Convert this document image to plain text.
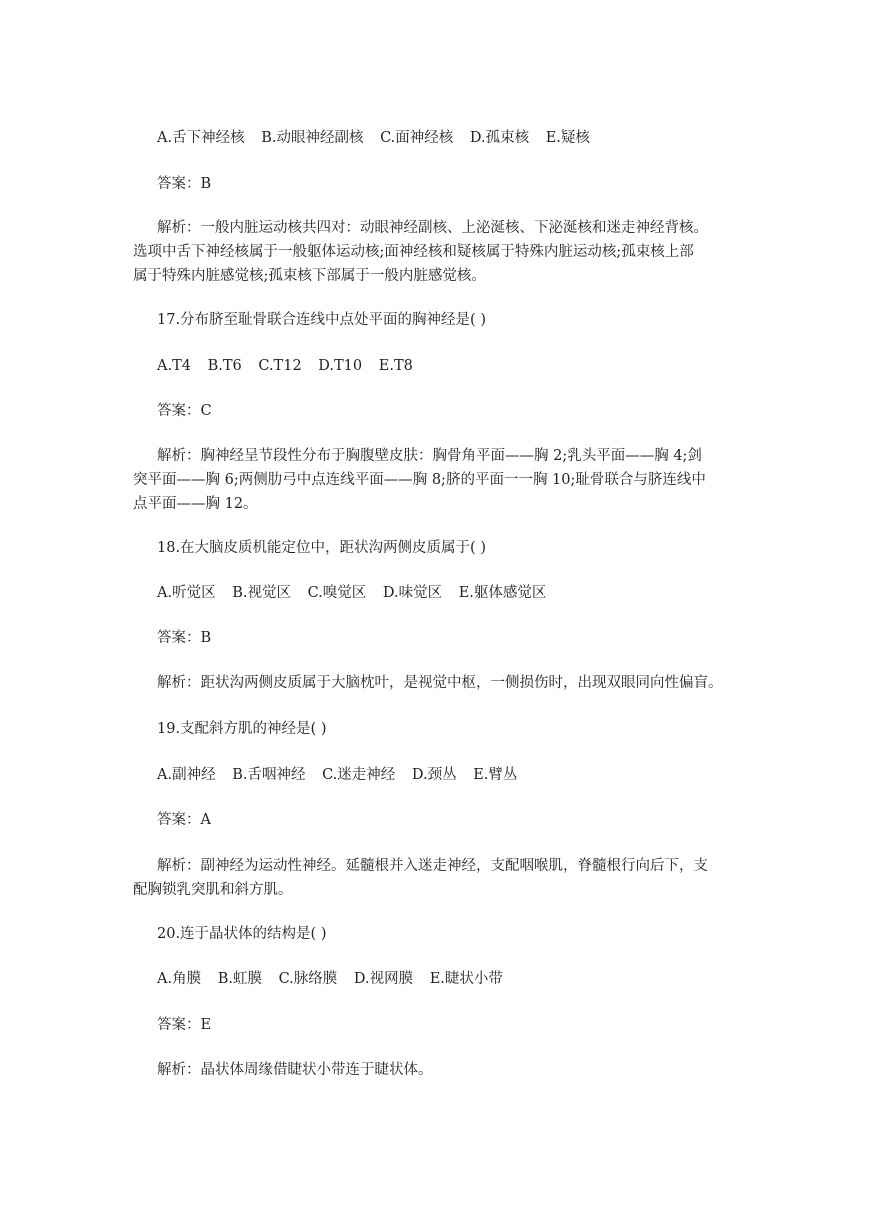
A.舌下神经核 B.动眼神经副核 C.面神经核 D.孤束核 E.疑核

答案：B

解析：一般内脏运动核共四对：动眼神经副核、上泌涎核、下泌涎核和迷走神经背核。

选项中舌下神经核属于一般躯体运动核;面神经核和疑核属于特殊内脏运动核;孤束核上部

属于特殊内脏感觉核;孤束核下部属于一般内脏感觉核。

17.分布脐至耻骨联合连线中点处平面的胸神经是( )

A.T4 B.T6 C.T12 D.T10 E.T8

答案：C

解析：胸神经呈节段性分布于胸腹壁皮肤：胸骨角平面——胸 2;乳头平面——胸 4;剑

突平面——胸 6;两侧肋弓中点连线平面——胸 8;脐的平面一一胸 10;耻骨联合与脐连线中

点平面——胸 12。

18.在大脑皮质机能定位中，距状沟两侧皮质属于( )

A.听觉区 B.视觉区 C.嗅觉区 D.味觉区 E.躯体感觉区

答案：B

解析：距状沟两侧皮质属于大脑枕叶，是视觉中枢，一侧损伤时，出现双眼同向性偏盲。

19.支配斜方肌的神经是( )

A.副神经 B.舌咽神经 C.迷走神经 D.颈丛 E.臂丛

答案：A

解析：副神经为运动性神经。延髓根并入迷走神经，支配咽喉肌，脊髓根行向后下，支

配胸锁乳突肌和斜方肌。

20.连于晶状体的结构是( )

A.角膜 B.虹膜 C.脉络膜 D.视网膜 E.睫状小带

答案：E

解析：晶状体周缘借睫状小带连于睫状体。
